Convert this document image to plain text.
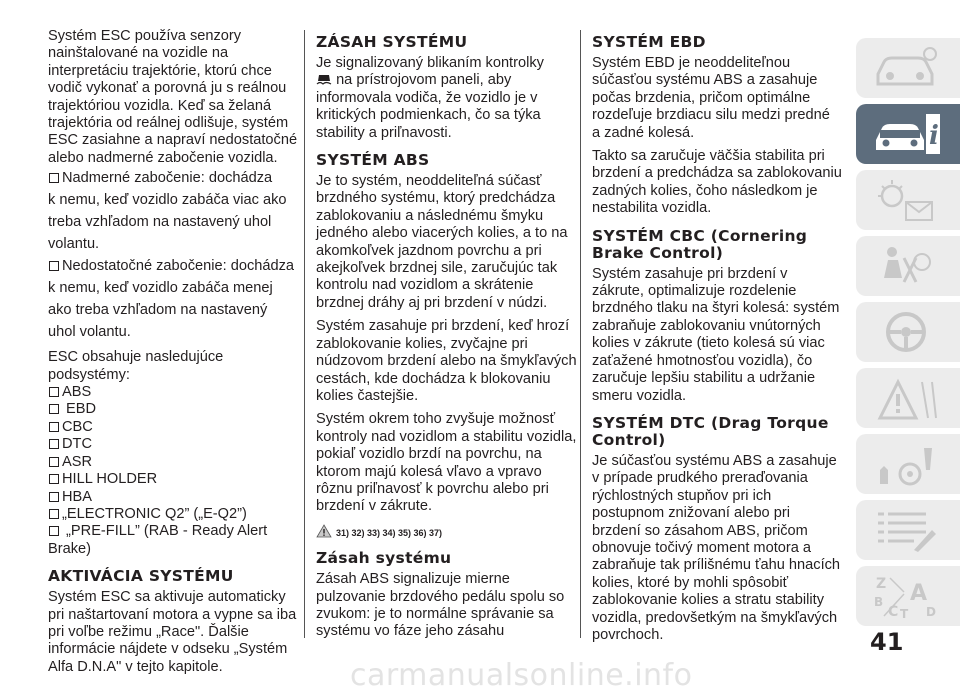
Systém ESC používa senzory nainštalované na vozidle na interpretáciu trajektórie, ktorú chce vodič vykonať a porovná ju s reálnou trajektóriou vozidla. Keď sa želaná trajektória od reálnej odlišuje, systém ESC zasiahne a napraví nedostatočné alebo nadmerné zabočenie vozidla.

Nadmerné zabočenie: dochádza
k nemu, keď vozidlo zabáča viac ako treba vzhľadom na nastavený uhol volantu.

Nedostatočné zabočenie: dochádza
k nemu, keď vozidlo zabáča menej ako treba vzhľadom na nastavený uhol volantu.

ESC obsahuje nasledujúce podsystémy:

ABS

EBD

CBC

DTC

ASR

HILL HOLDER

HBA

„ELECTRONIC Q2” („E-Q2”)

„PRE-FILL” (RAB - Ready Alert

Brake)

AKTIVÁCIA SYSTÉMU

Systém ESC sa aktivuje automaticky pri naštartovaní motora a vypne sa iba pri voľbe režimu „Race". Ďalšie informácie nájdete v odseku „Systém Alfa D.N.A" v tejto kapitole.

ZÁSAH SYSTÉMU

Je signalizovaný blikaním kontrolky
na prístrojovom paneli, aby informovala vodiča, že vozidlo je v kritických podmienkach, čo sa týka stability a priľnavosti.

SYSTÉM ABS

Je to systém, neoddeliteľná súčasť brzdného systému, ktorý predchádza zablokovaniu a následnému šmyku jedného alebo viacerých kolies, a to na akomkoľvek jazdnom povrchu a pri akejkoľvek brzdnej sile, zaručujúc tak kontrolu nad vozidlom a skrátenie brzdnej dráhy aj pri brzdení v núdzi.

Systém zasahuje pri brzdení, keď hrozí zablokovanie kolies, zvyčajne pri núdzovom brzdení alebo na šmykľavých cestách, kde dochádza k blokovaniu kolies častejšie.

Systém okrem toho zvyšuje možnosť kontroly nad vozidlom a stabilitu vozidla, pokiaľ vozidlo brzdí na povrchu, na ktorom majú kolesá vľavo a vpravo rôznu priľnavosť k povrchu alebo pri brzdení v zákrute.

31) 32) 33) 34) 35) 36) 37)
Zásah systému

Zásah ABS signalizuje mierne pulzovanie brzdového pedálu spolu so zvukom: je to normálne správanie sa systému vo fáze jeho zásahu

SYSTÉM EBD

Systém EBD je neoddeliteľnou súčasťou systému ABS a zasahuje počas brzdenia, pričom optimálne rozdeľuje brzdiacu silu medzi predné a zadné kolesá.

Takto sa zaručuje väčšia stabilita pri brzdení a predchádza sa zablokovaniu zadných kolies, čoho následkom je nestabilita vozidla.

SYSTÉM CBC (Cornering Brake Control)

Systém zasahuje pri brzdení v zákrute, optimalizuje rozdelenie brzdného tlaku na štyri kolesá: systém zabraňuje zablokovaniu vnútorných kolies v zákrute (tieto kolesá sú viac zaťažené hmotnosťou vozidla), čo zaručuje lepšiu stabilitu a udržanie smeru vozidla.

SYSTÉM DTC (Drag Torque Control)

Je súčasťou systému ABS a zasahuje v prípade prudkého preraďovania rýchlostných stupňov pri ich postupnom znižovaní alebo pri brzdení so zásahom ABS, pričom obnovuje točivý moment motora a zabraňuje tak prílišnému ťahu hnacích kolies, ktoré by mohli spôsobiť zablokovanie kolies a stratu stability vozidla, predovšetkým na šmykľavých povrchoch.

i
Z A
B
C T D
41
carmanualsonline.info
